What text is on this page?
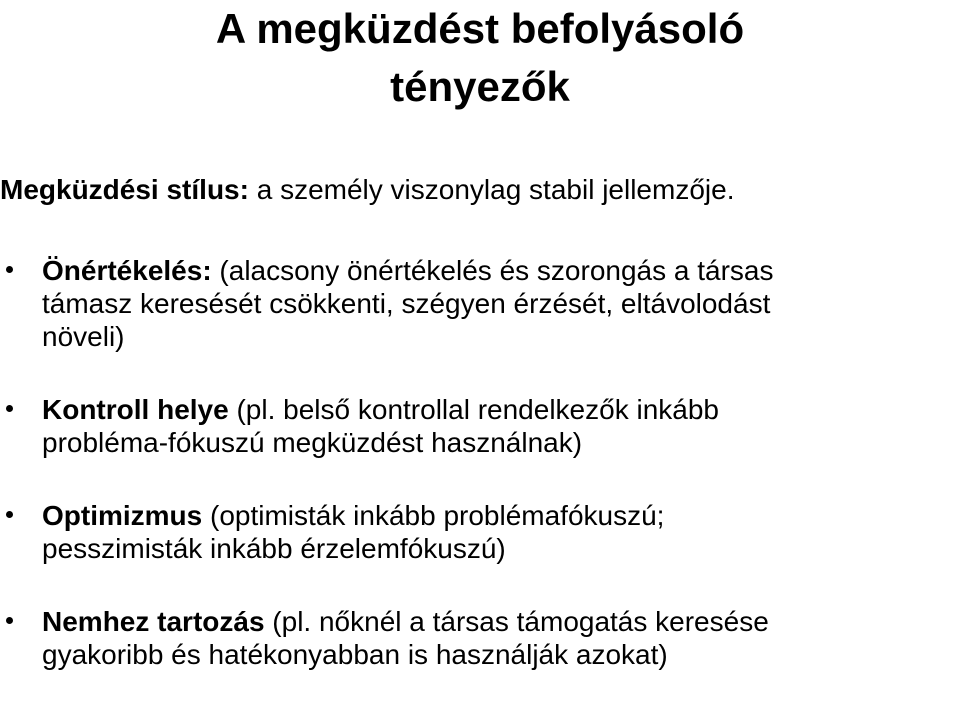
A megküzdést befolyásoló
tényezők
Megküzdési stílus: a személy viszonylag stabil jellemzője.
Önértékelés: (alacsony önértékelés és szorongás a társas
támasz keresését csökkenti, szégyen érzését, eltávolodást
növeli)
Kontroll helye (pl. belső kontrollal rendelkezők inkább
probléma-fókuszú megküzdést használnak)
Optimizmus (optimisták inkább problémafókuszú;
pesszimisták inkább érzelemfókuszú)
Nemhez tartozás (pl. nőknél a társas támogatás keresése
gyakoribb és hatékonyabban is használják azokat)
